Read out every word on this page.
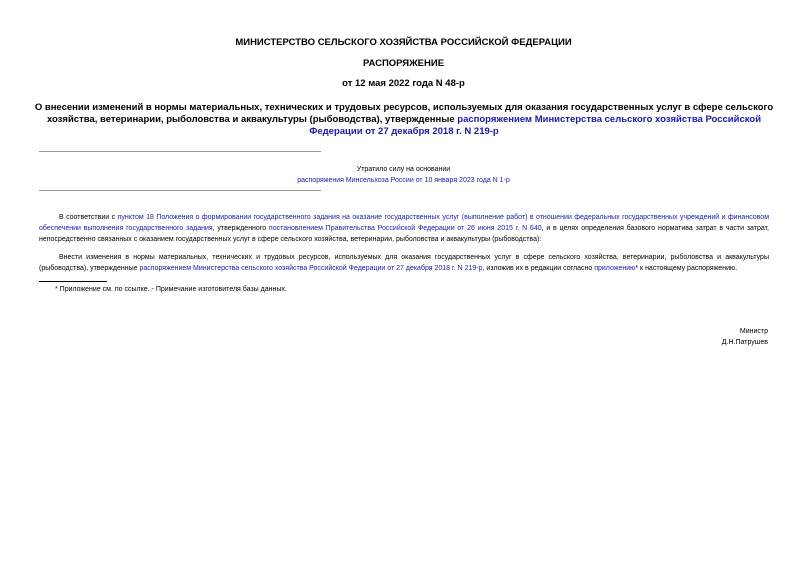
МИНИСТЕРСТВО СЕЛЬСКОГО ХОЗЯЙСТВА РОССИЙСКОЙ ФЕДЕРАЦИИ
РАСПОРЯЖЕНИЕ
от 12 мая 2022 года N 48-р
О внесении изменений в нормы материальных, технических и трудовых ресурсов, используемых для оказания государственных услуг в сфере сельского хозяйства, ветеринарии, рыболовства и аквакультуры (рыбоводства), утвержденные распоряжением Министерства сельского хозяйства Российской Федерации от 27 декабря 2018 г. N 219-р
Утратило силу на основании
распоряжения Минсельхоза России от 10 января 2023 года N 1-р
В соответствии с пунктом 18 Положения о формировании государственного задания на оказание государственных услуг (выполнение работ) в отношении федеральных государственных учреждений и финансовом обеспечении выполнения государственного задания, утвержденного постановлением Правительства Российской Федерации от 26 июня 2015 г. N 640, и в целях определения базового норматива затрат в части затрат, непосредственно связанных с оказанием государственных услуг в сфере сельского хозяйства, ветеринарии, рыболовства и аквакультуры (рыбоводства):
Внести изменения в нормы материальных, технических и трудовых ресурсов, используемых для оказания государственных услуг в сфере сельского хозяйства, ветеринарии, рыболовства и аквакультуры (рыбоводства), утвержденные распоряжением Министерства сельского хозяйства Российской Федерации от 27 декабря 2018 г. N 219-р, изложив их в редакции согласно приложению* к настоящему распоряжению.
* Приложение см. по ссылке. - Примечание изготовителя базы данных.
Министр
Д.Н.Патрушев
